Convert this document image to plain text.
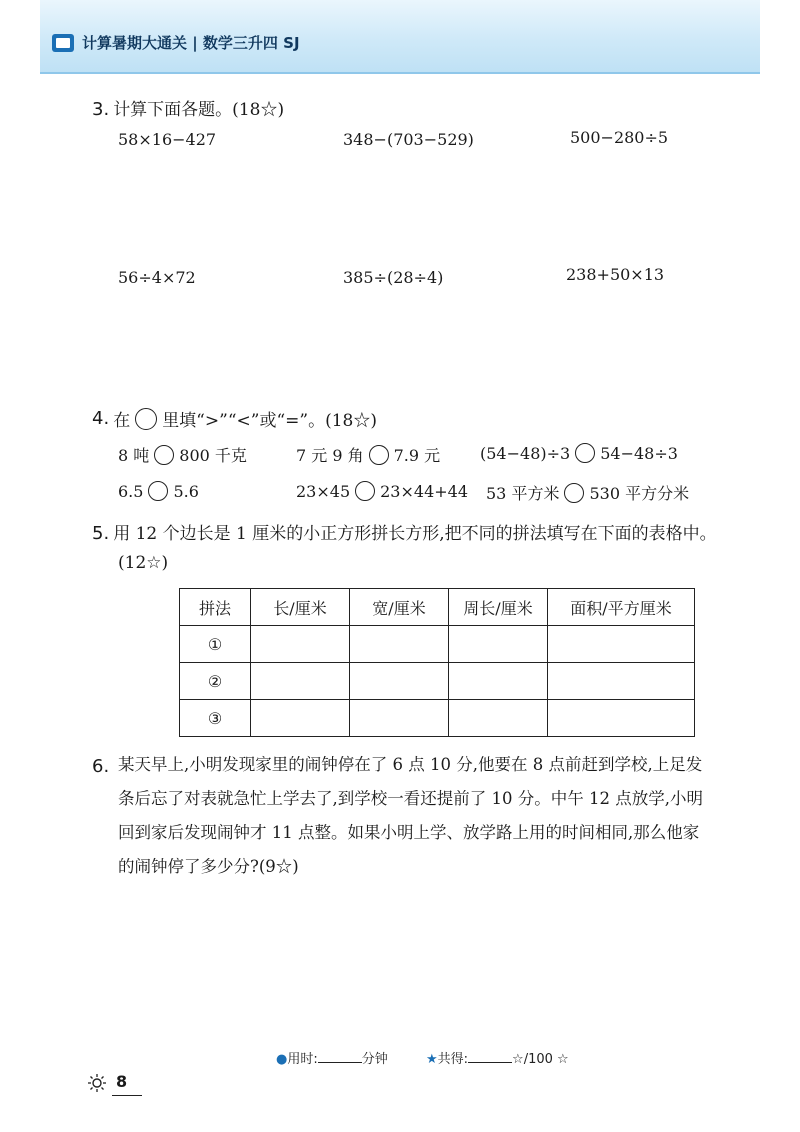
计算暑期大通关 | 数学三升四 SJ
3. 计算下面各题。(18☆)
58×16−427	348−(703−529)	500−280÷5
56÷4×72	385÷(28÷4)	238+50×13
4. 在 里填“>”“<”或“=”。(18☆)
8 吨 800 千克	7 元 9 角 7.9 元 (54−48)÷3 54−48÷3
6.5 5.6	23×45 23×44+44 53 平方米 530 平方分米
5. 用 12 个边长是 1 厘米的小正方形拼长方形,把不同的拼法填写在下面的表格中。
(12☆)
拼法	长/厘米	宽/厘米	周长/厘米	面积/平方厘米
①				
②				
③				
6. 某天早上,小明发现家里的闹钟停在了 6 点 10 分,他要在 8 点前赶到学校,上足发
条后忘了对表就急忙上学去了,到学校一看还提前了 10 分。中午 12 点放学,小明
回到家后发现闹钟才 11 点整。如果小明上学、放学路上用的时间相同,那么他家
的闹钟停了多少分?(9☆)
●用时:	分钟	★共得:	☆/100 ☆
8
